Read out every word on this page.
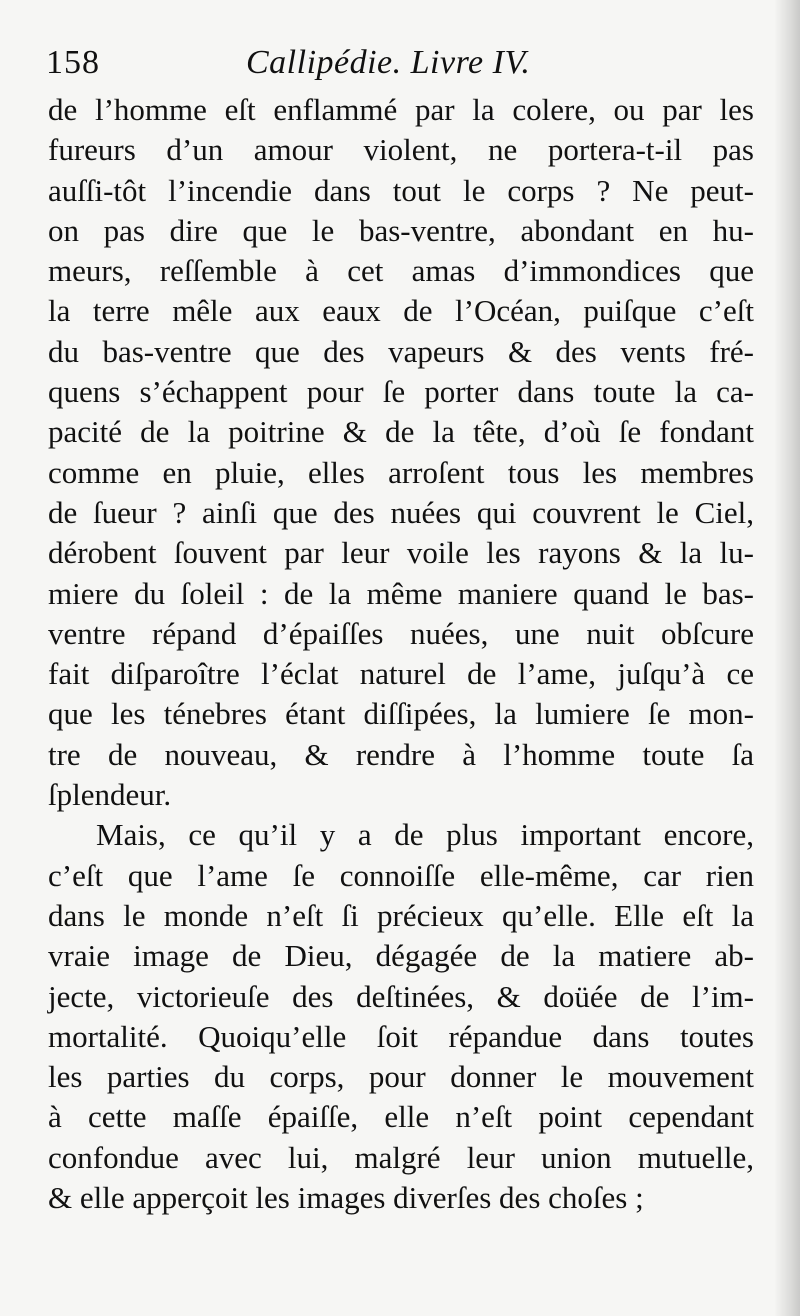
158	Callipédie. Livre IV.
de l’homme eſt enflammé par la colere, ou par les
fureurs d’un amour violent, ne portera-t-il pas
auſſi-tôt l’incendie dans tout le corps ? Ne peut-
on pas dire que le bas-ventre, abondant en hu-
meurs, reſſemble à cet amas d’immondices que
la terre mêle aux eaux de l’Océan, puiſque c’eſt
du bas-ventre que des vapeurs & des vents fré-
quens s’échappent pour ſe porter dans toute la ca-
pacité de la poitrine & de la tête, d’où ſe fondant
comme en pluie, elles arroſent tous les membres
de ſueur ? ainſi que des nuées qui couvrent le Ciel,
dérobent ſouvent par leur voile les rayons & la lu-
miere du ſoleil : de la même maniere quand le bas-
ventre répand d’épaiſſes nuées, une nuit obſcure
fait diſparoître l’éclat naturel de l’ame, juſqu’à ce
que les ténebres étant diſſipées, la lumiere ſe mon-
tre de nouveau, & rendre à l’homme toute ſa
ſplendeur.
Mais, ce qu’il y a de plus important encore,
c’eſt que l’ame ſe connoiſſe elle-même, car rien
dans le monde n’eſt ſi précieux qu’elle. Elle eſt la
vraie image de Dieu, dégagée de la matiere ab-
jecte, victorieuſe des deſtinées, & doüée de l’im-
mortalité. Quoiqu’elle ſoit répandue dans toutes
les parties du corps, pour donner le mouvement
à cette maſſe épaiſſe, elle n’eſt point cependant
confondue avec lui, malgré leur union mutuelle,
& elle apperçoit les images diverſes des choſes ;
